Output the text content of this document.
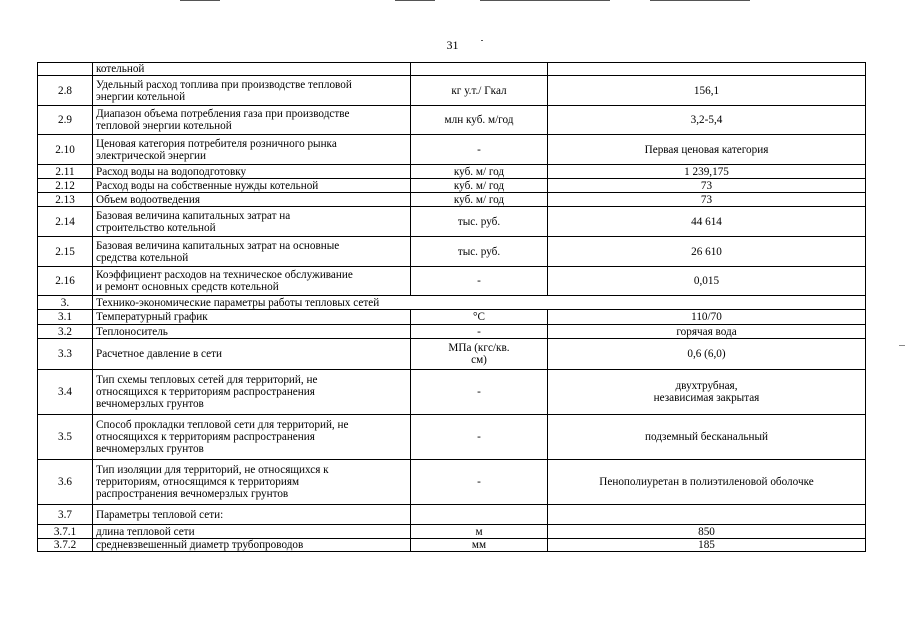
31

	котельной		

2.8	Удельный расход топлива при производстве тепловой
энергии котельной	кг у.т./ Гкал	156,1

2.9	Диапазон объема потребления газа при производстве
тепловой энергии котельной	млн куб. м/год	3,2-5,4

2.10	Ценовая категория потребителя розничного рынка
электрической энергии	-	Первая ценовая категория

2.11	Расход воды на водоподготовку	куб. м/ год	1 239,175

2.12	Расход воды на собственные нужды котельной	куб. м/ год	73

2.13	Объем водоотведения	куб. м/ год	73

2.14	Базовая величина капитальных затрат на
строительство котельной	тыс. руб.	44 614

2.15	Базовая величина капитальных затрат на основные
средства котельной	тыс. руб.	26 610

2.16	Коэффициент расходов на техническое обслуживание
и ремонт основных средств котельной	-	0,015

3.	Технико-экономические параметры работы тепловых сетей		

3.1	Температурный график	°C	110/70

3.2	Теплоноситель	-	горячая вода

3.3	Расчетное давление в сети	МПа (кгс/кв.
см)	0,6 (6,0)

3.4	Тип схемы тепловых сетей для территорий, не
относящихся к территориям распространения
вечномерзлых грунтов	-	двухтрубная,
независимая закрытая

3.5	Способ прокладки тепловой сети для территорий, не
относящихся к территориям распространения
вечномерзлых грунтов	-	подземный бесканальный

3.6	Тип изоляции для территорий, не относящихся к
территориям, относящимся к территориям
распространения вечномерзлых грунтов	-	Пенополиуретан в полиэтиленовой оболочке

3.7	Параметры тепловой сети:		

3.7.1	длина тепловой сети	м	850

3.7.2	средневзвешенный диаметр трубопроводов	мм	185
